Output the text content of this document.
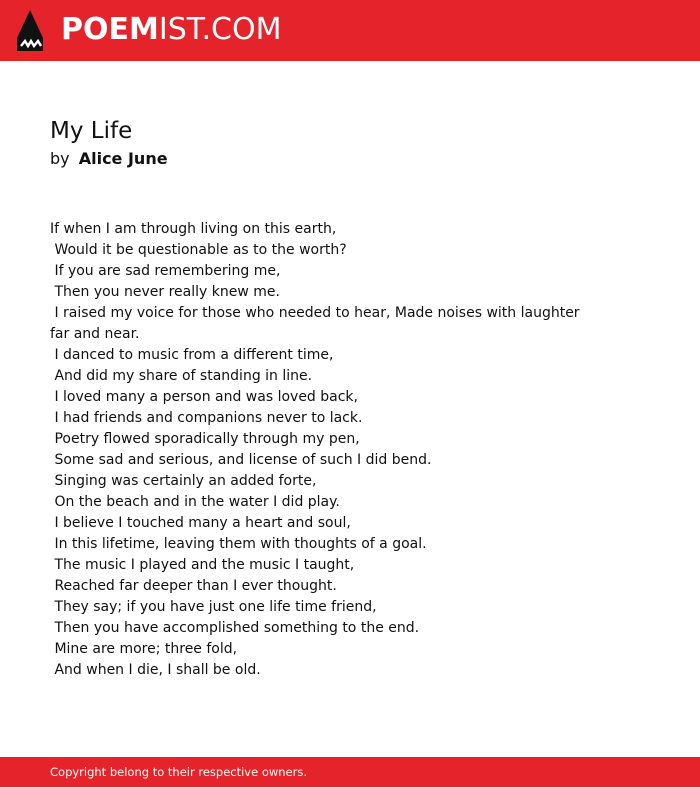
POEMIST.COM
My Life
by Alice June
If when I am through living on this earth,
Would it be questionable as to the worth?
If you are sad remembering me,
Then you never really knew me.
I raised my voice for those who needed to hear, Made noises with laughter far and near.
I danced to music from a different time,
And did my share of standing in line.
I loved many a person and was loved back,
I had friends and companions never to lack.
Poetry flowed sporadically through my pen,
Some sad and serious, and license of such I did bend.
Singing was certainly an added forte,
On the beach and in the water I did play.
I believe I touched many a heart and soul,
In this lifetime, leaving them with thoughts of a goal.
The music I played and the music I taught,
Reached far deeper than I ever thought.
They say; if you have just one life time friend,
Then you have accomplished something to the end.
Mine are more; three fold,
And when I die, I shall be old.
Copyright belong to their respective owners.
